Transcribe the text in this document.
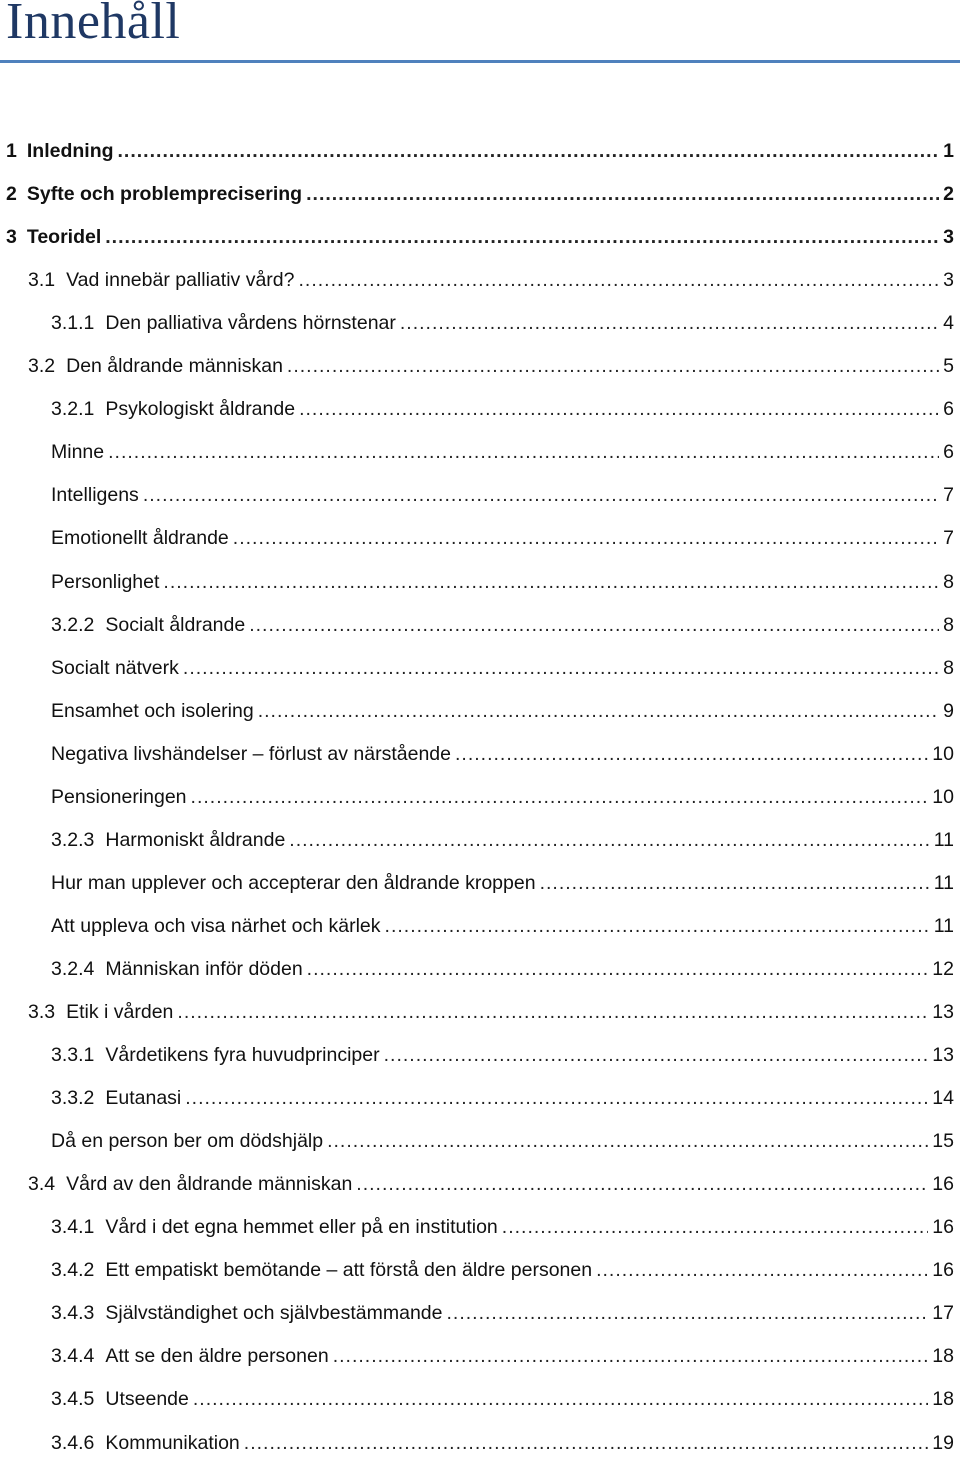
Innehåll
1 Inledning .....	1
2 Syfte och problemprecisering .....	2
3 Teoridel .....	3
3.1 Vad innebär palliativ vård? .....	3
3.1.1 Den palliativa vårdens hörnstenar .....	4
3.2 Den åldrande människan .....	5
3.2.1 Psykologiskt åldrande .....	6
Minne .....	6
Intelligens .....	7
Emotionellt åldrande .....	7
Personlighet .....	8
3.2.2 Socialt åldrande .....	8
Socialt nätverk .....	8
Ensamhet och isolering .....	9
Negativa livshändelser – förlust av närstående .....	10
Pensioneringen .....	10
3.2.3 Harmoniskt åldrande .....	11
Hur man upplever och accepterar den åldrande kroppen .....	11
Att uppleva och visa närhet och kärlek .....	11
3.2.4 Människan inför döden .....	12
3.3 Etik i vården .....	13
3.3.1 Vårdetikens fyra huvudprinciper .....	13
3.3.2 Eutanasi .....	14
Då en person ber om dödshjälp .....	15
3.4 Vård av den åldrande människan .....	16
3.4.1 Vård i det egna hemmet eller på en institution .....	16
3.4.2 Ett empatiskt bemötande – att förstå den äldre personen .....	16
3.4.3 Självständighet och självbestämmande .....	17
3.4.4 Att se den äldre personen .....	18
3.4.5 Utseende .....	18
3.4.6 Kommunikation .....	19
